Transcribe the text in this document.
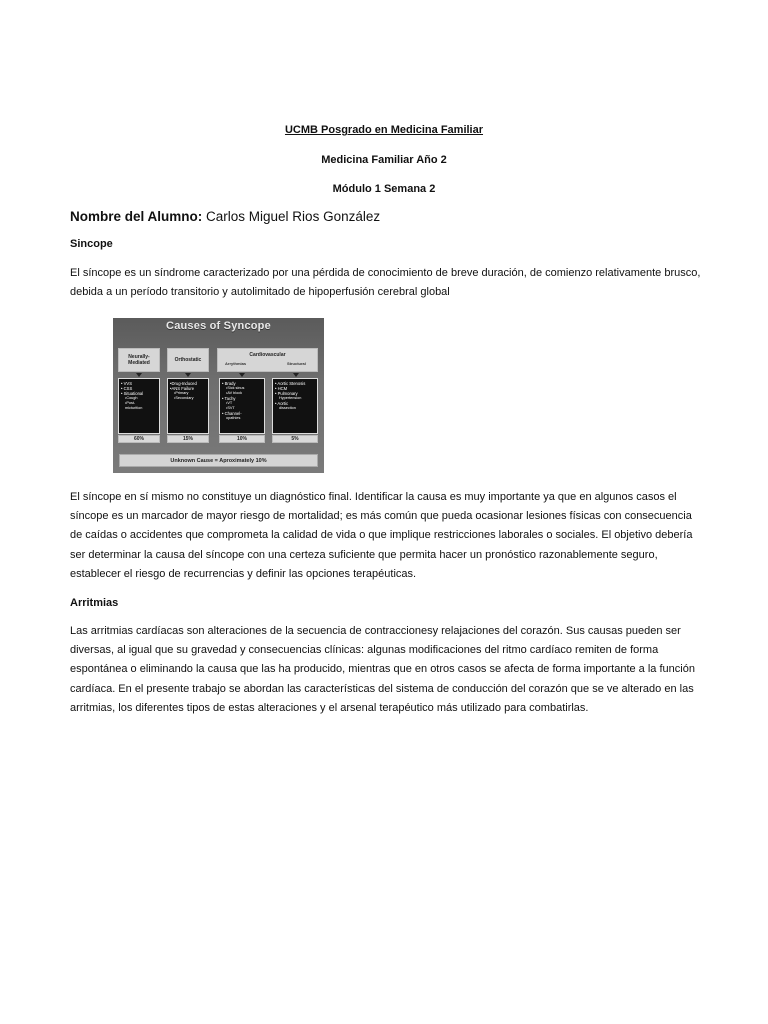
UCMB Posgrado en Medicina Familiar
Medicina Familiar Año 2
Módulo 1 Semana 2
Nombre del Alumno: Carlos Miguel Rios González
Sincope
El síncope es un síndrome caracterizado por una pérdida de conocimiento de breve duración, de comienzo relativamente brusco, debida a un período transitorio y autolimitado de hipoperfusión cerebral global
Causes of Syncope
Neurally-Mediated	Orthostatic
Cardiovascular
Arrythmias	Structural
• VVS
• CSS
• Situational
•Cough
•Post-
micturition
•Drug-Induced
•ANS Failure
•Primary
•Secondary
• Brady
•Sick sinus
•AV block
• Tachy
•VT
•SVT
• Channel-
opathies
• Aortic Stenosis
• HCM
• Pulmonary
Hypertension
• Aortic
dissection
60%	15%	10%	5%
Unknown Cause = Aproximately 10%
El síncope en sí mismo no constituye un diagnóstico final. Identificar la causa es muy importante ya que en algunos casos el síncope es un marcador de mayor riesgo de mortalidad; es más común que pueda ocasionar lesiones físicas con consecuencia de caídas o accidentes que comprometa la calidad de vida o que implique restricciones laborales o sociales. El objetivo debería ser determinar la causa del síncope con una certeza suficiente que permita hacer un pronóstico razonablemente seguro, establecer el riesgo de recurrencias y definir las opciones terapéuticas.
Arritmias
Las arritmias cardíacas son alteraciones de la secuencia de contraccionesy relajaciones del corazón. Sus causas pueden ser diversas, al igual que su gravedad y consecuencias clínicas: algunas modificaciones del ritmo cardíaco remiten de forma espontánea o eliminando la causa que las ha producido, mientras que en otros casos se afecta de forma importante a la función cardíaca. En el presente trabajo se abordan las características del sistema de conducción del corazón que se ve alterado en las arritmias, los diferentes tipos de estas alteraciones y el arsenal terapéutico más utilizado para combatirlas.
